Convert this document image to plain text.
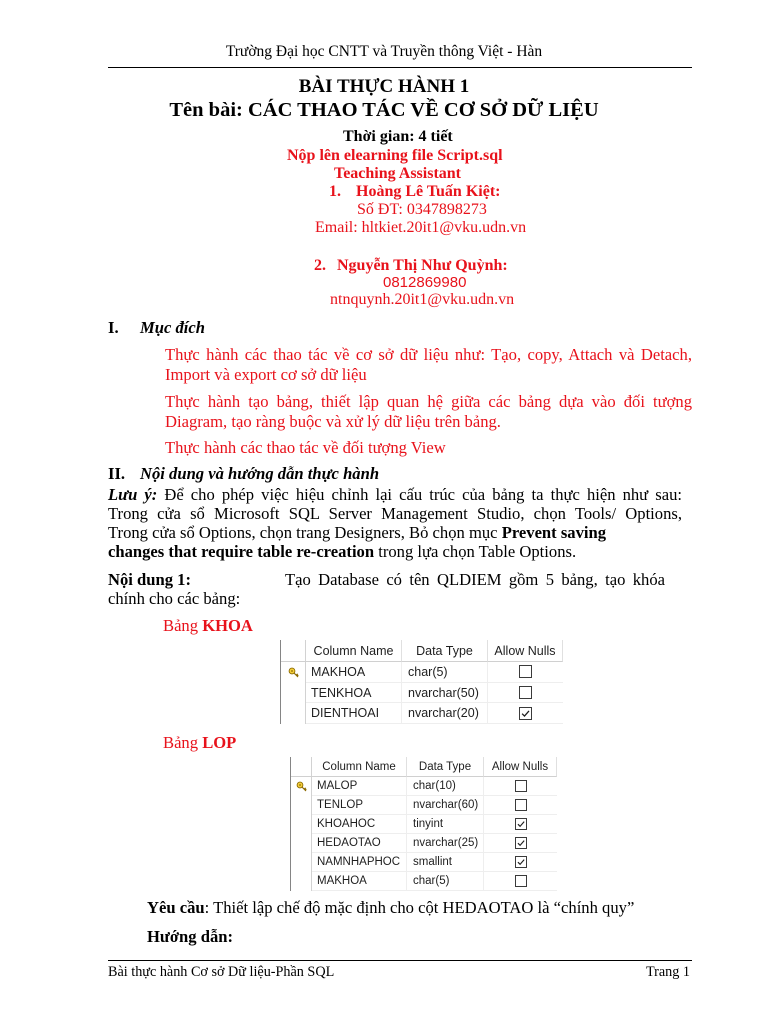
Trường Đại học CNTT và Truyền thông Việt - Hàn
BÀI THỰC HÀNH 1
Tên bài: CÁC THAO TÁC VỀ CƠ SỞ DỮ LIỆU
Thời gian: 4 tiết
Nộp lên elearning file Script.sql
Teaching Assistant
1. Hoàng Lê Tuấn Kiệt:
Số ĐT: 0347898273
Email: hltkiet.20it1@vku.udn.vn
2. Nguyễn Thị Như Quỳnh:
0812869980
ntnquynh.20it1@vku.udn.vn
I. Mục đích
Thực hành các thao tác về cơ sở dữ liệu như: Tạo, copy, Attach và Detach,
Import và export cơ sở dữ liệu
Thực hành tạo bảng, thiết lập quan hệ giữa các bảng dựa vào đối tượng
Diagram, tạo ràng buộc và xử lý dữ liệu trên bảng.
Thực hành các thao tác về đối tượng View
II. Nội dung và hướng dẫn thực hành
Lưu ý: Để cho phép việc hiệu chỉnh lại cấu trúc của bảng ta thực hiện như sau:
Trong cửa sổ Microsoft SQL Server Management Studio, chọn Tools/ Options,
Trong cửa sổ Options, chọn trang Designers, Bỏ chọn mục Prevent saving
changes that require table re-creation trong lựa chọn Table Options.
Nội dung 1:	Tạo Database có tên QLDIEM gồm 5 bảng, tạo khóa
chính cho các bảng:
Bảng KHOA
Column Name	Data Type	Allow Nulls
MAKHOA	char(5)
TENKHOA	nvarchar(50)
DIENTHOAI	nvarchar(20)
Bảng LOP
Column Name	Data Type	Allow Nulls
MALOP	char(10)
TENLOP	nvarchar(60)
KHOAHOC	tinyint
HEDAOTAO	nvarchar(25)
NAMNHAPHOC	smallint
MAKHOA	char(5)
Yêu cầu: Thiết lập chế độ mặc định cho cột HEDAOTAO là “chính quy”
Hướng dẫn:
Bài thực hành Cơ sở Dữ liệu-Phần SQL	Trang 1
